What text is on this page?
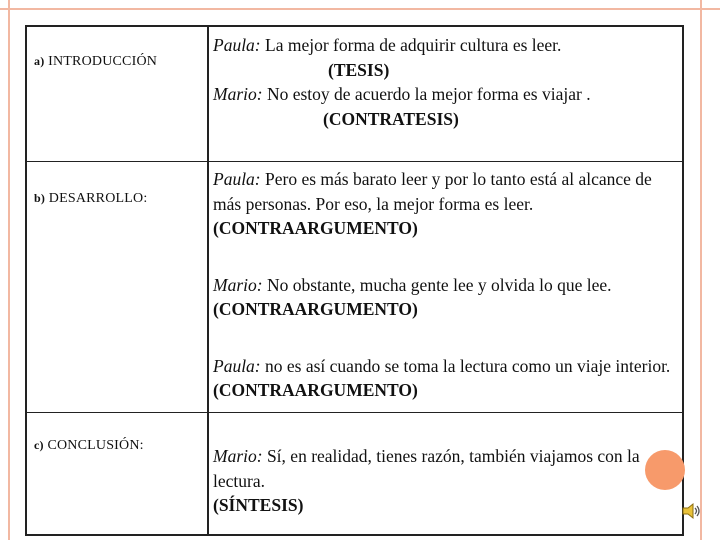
a) INTRODUCCIÓN
Paula: La mejor forma de adquirir cultura es leer.
(TESIS)
Mario: No estoy de acuerdo la mejor forma es viajar .
(CONTRATESIS)
b) DESARROLLO:
Paula: Pero es más barato leer y por lo tanto está al alcance de más personas. Por eso, la mejor forma es leer.
(CONTRAARGUMENTO)
Mario: No obstante, mucha gente lee y olvida lo que lee.
(CONTRAARGUMENTO)
Paula: no es así cuando se toma la lectura como un viaje interior. (CONTRAARGUMENTO)
c) CONCLUSIÓN:
Mario: Sí, en realidad, tienes razón, también viajamos con la lectura.
(SÍNTESIS)
